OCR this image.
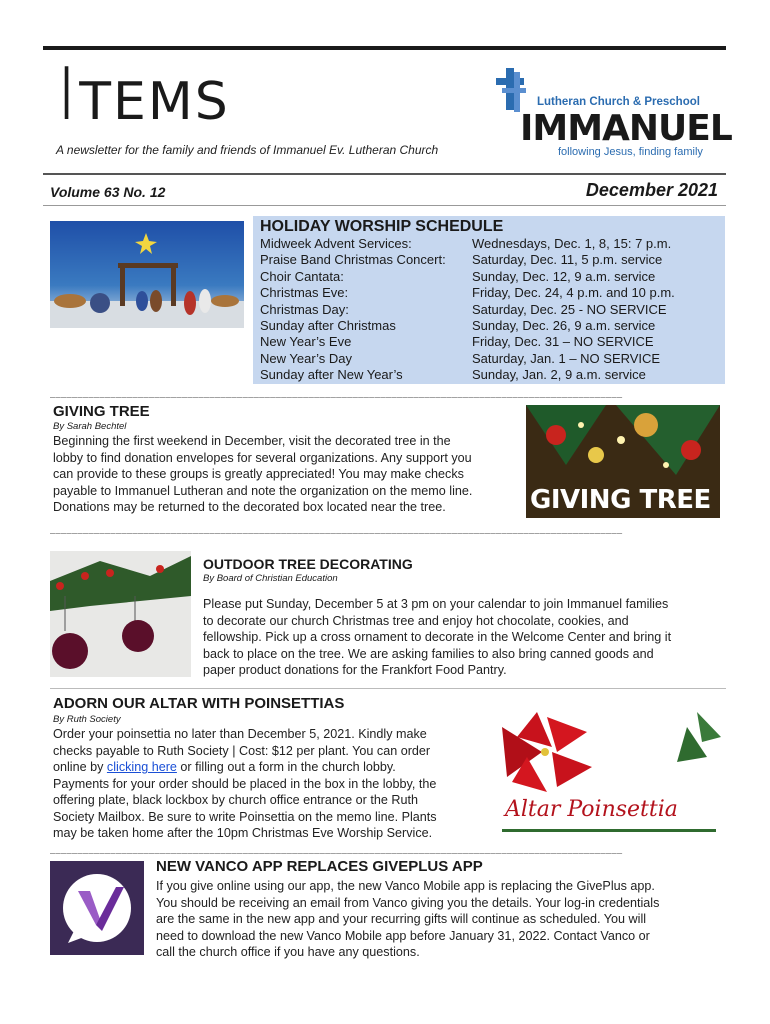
ITEMS
A newsletter for the family and friends of Immanuel Ev. Lutheran Church
Lutheran Church & Preschool
IMMANUEL
following Jesus, finding family
Volume 63 No. 12	December 2021
HOLIDAY WORSHIP SCHEDULE
Midweek Advent Services:	Wednesdays, Dec. 1, 8, 15: 7 p.m.
Praise Band Christmas Concert: Saturday, Dec. 11, 5 p.m. service
Choir Cantata:	Sunday, Dec. 12, 9 a.m. service
Christmas Eve:	Friday, Dec. 24, 4 p.m. and 10 p.m.
Christmas Day:	Saturday, Dec. 25 - NO SERVICE
Sunday after Christmas	Sunday, Dec. 26, 9 a.m. service
New Year’s Eve	Friday, Dec. 31 – NO SERVICE
New Year’s Day	Saturday, Jan. 1 – NO SERVICE
Sunday after New Year’s	Sunday, Jan. 2, 9 a.m. service
________________________________________________________________________________________________________
GIVING TREE
By Sarah Bechtel
Beginning the first weekend in December, visit the decorated tree in the
lobby to find donation envelopes for several organizations. Any support you
can provide to these groups is greatly appreciated! You may make checks
payable to Immanuel Lutheran and note the organization on the memo line.
Donations may be returned to the decorated box located near the tree.	GIVING TREE
________________________________________________________________________________________________________
OUTDOOR TREE DECORATING
By Board of Christian Education
Please put Sunday, December 5 at 3 pm on your calendar to join Immanuel families
to decorate our church Christmas tree and enjoy hot chocolate, cookies, and
fellowship. Pick up a cross ornament to decorate in the Welcome Center and bring it
back to place on the tree. We are asking families to also bring canned goods and
paper product donations for the Frankfort Food Pantry.
ADORN OUR ALTAR WITH POINSETTIAS
By Ruth Society
Order your poinsettia no later than December 5, 2021. Kindly make
checks payable to Ruth Society | Cost: $12 per plant. You can order
online by clicking here or filling out a form in the church lobby.
Payments for your order should be placed in the box in the lobby, the
offering plate, black lockbox by church office entrance or the Ruth
Society Mailbox. Be sure to write Poinsettia on the memo line. Plants
may be taken home after the 10pm Christmas Eve Worship Service.
Altar Poinsettia
________________________________________________________________________________________________________
NEW VANCO APP REPLACES GIVEPLUS APP
If you give online using our app, the new Vanco Mobile app is replacing the GivePlus app.
You should be receiving an email from Vanco giving you the details. Your log-in credentials
are the same in the new app and your recurring gifts will continue as scheduled. You will
need to download the new Vanco Mobile app before January 31, 2022. Contact Vanco or
call the church office if you have any questions.
